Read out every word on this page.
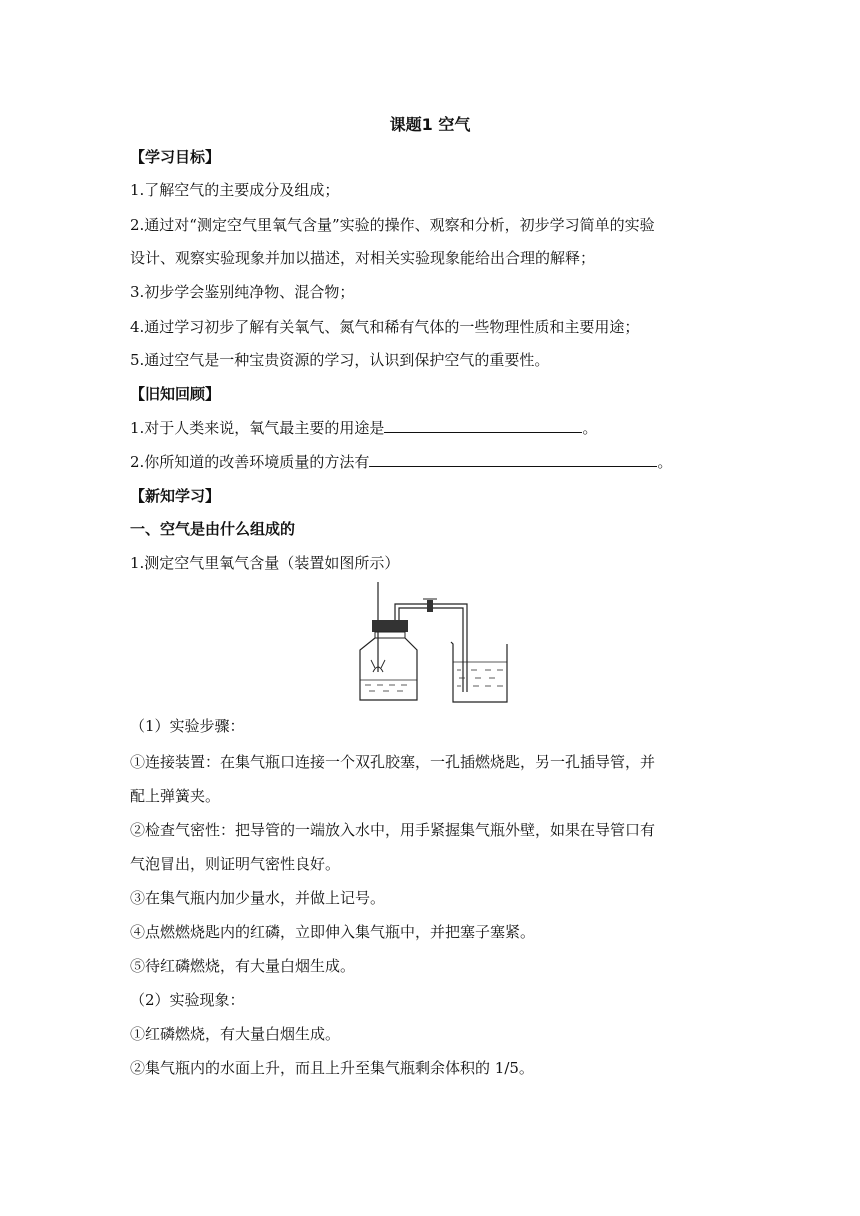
课题1 空气
【学习目标】
1.了解空气的主要成分及组成；
2.通过对“测定空气里氧气含量”实验的操作、观察和分析，初步学习简单的实验
设计、观察实验现象并加以描述，对相关实验现象能给出合理的解释；
3.初步学会鉴别纯净物、混合物；
4.通过学习初步了解有关氧气、氮气和稀有气体的一些物理性质和主要用途；
5.通过空气是一种宝贵资源的学习，认识到保护空气的重要性。
【旧知回顾】
1.对于人类来说，氧气最主要的用途是	。
2.你所知道的改善环境质量的方法有	。
【新知学习】
一、空气是由什么组成的
1.测定空气里氧气含量（装置如图所示）
（1）实验步骤：
①连接装置：在集气瓶口连接一个双孔胶塞，一孔插燃烧匙，另一孔插导管，并
配上弹簧夹。
②检查气密性：把导管的一端放入水中，用手紧握集气瓶外壁，如果在导管口有
气泡冒出，则证明气密性良好。
③在集气瓶内加少量水，并做上记号。
④点燃燃烧匙内的红磷，立即伸入集气瓶中，并把塞子塞紧。
⑤待红磷燃烧，有大量白烟生成。
（2）实验现象：
①红磷燃烧，有大量白烟生成。
②集气瓶内的水面上升，而且上升至集气瓶剩余体积的 1/5。
